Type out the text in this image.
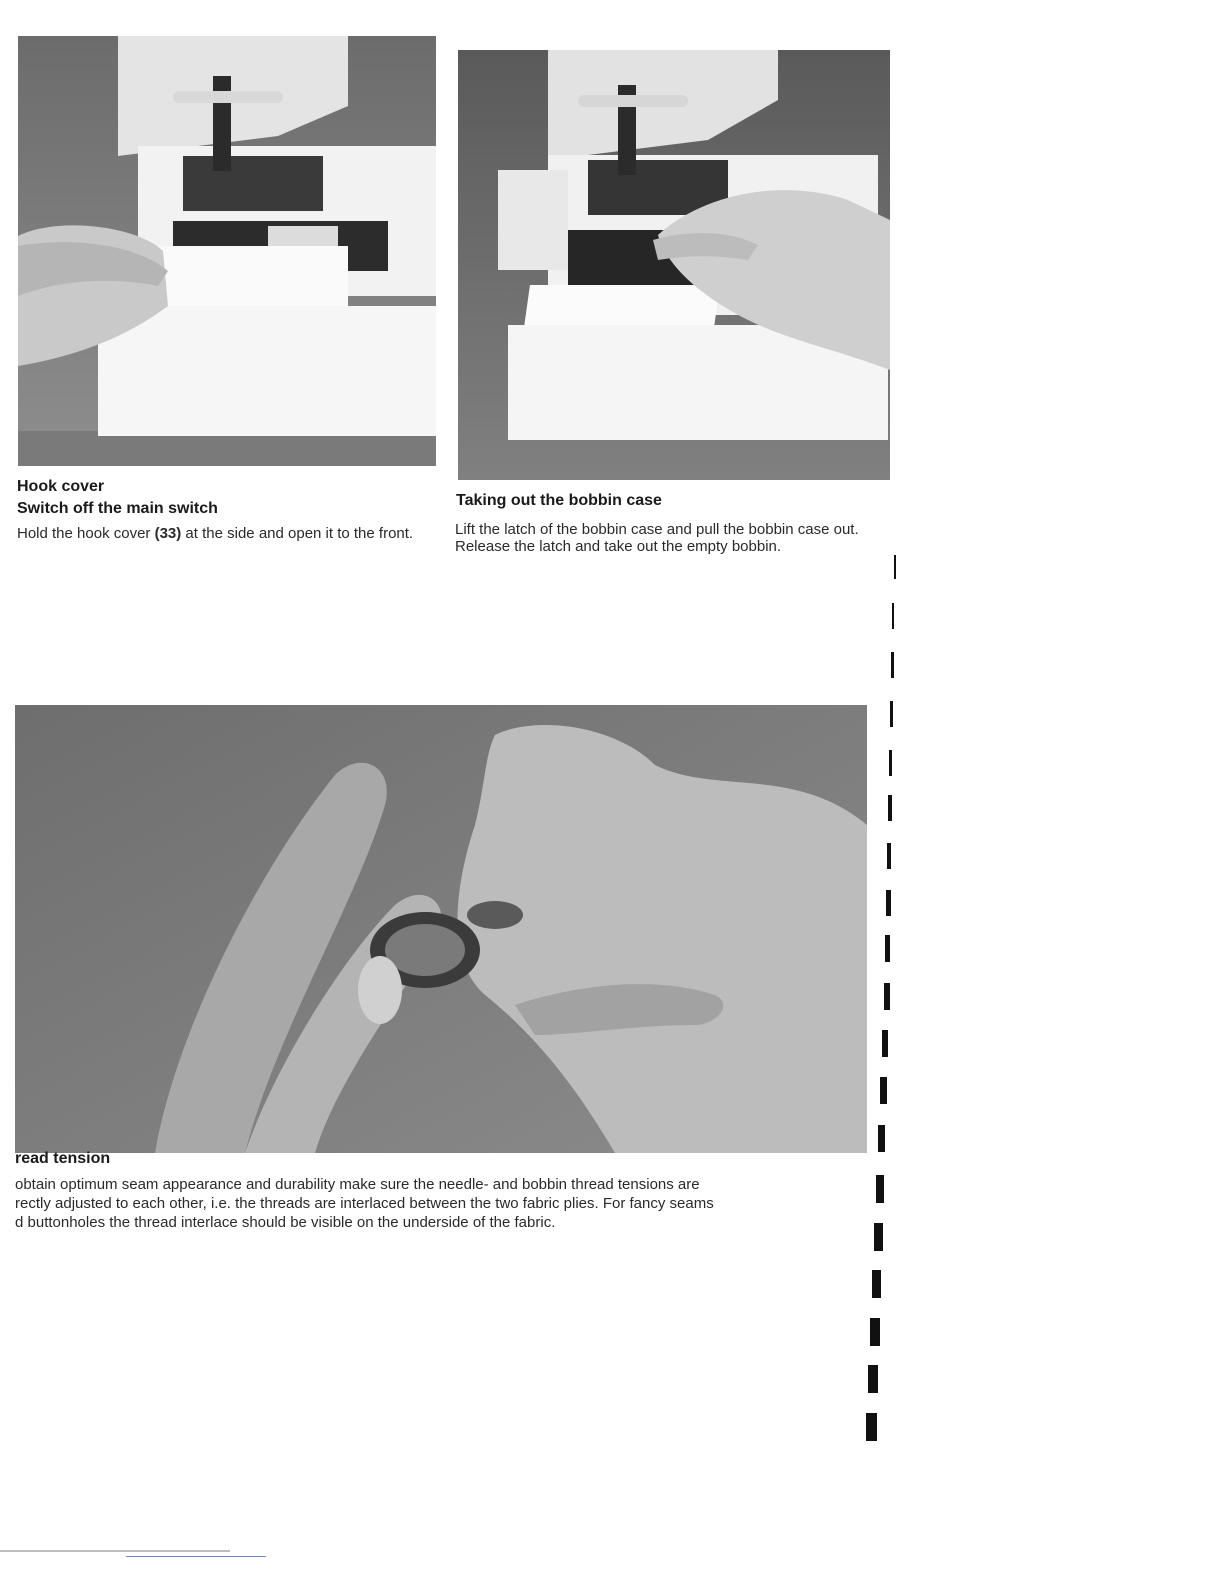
Hook cover
Switch off the main switch

Hold the hook cover (33) at the side and open it to the front.

Taking out the bobbin case

Lift the latch of the bobbin case and pull the bobbin case out. Release the latch and take out the empty bobbin.

read tension

obtain optimum seam appearance and durability make sure the needle- and bobbin thread tensions are

rectly adjusted to each other, i.e. the threads are interlaced between the two fabric plies. For fancy seams

d buttonholes the thread interlace should be visible on the underside of the fabric.
